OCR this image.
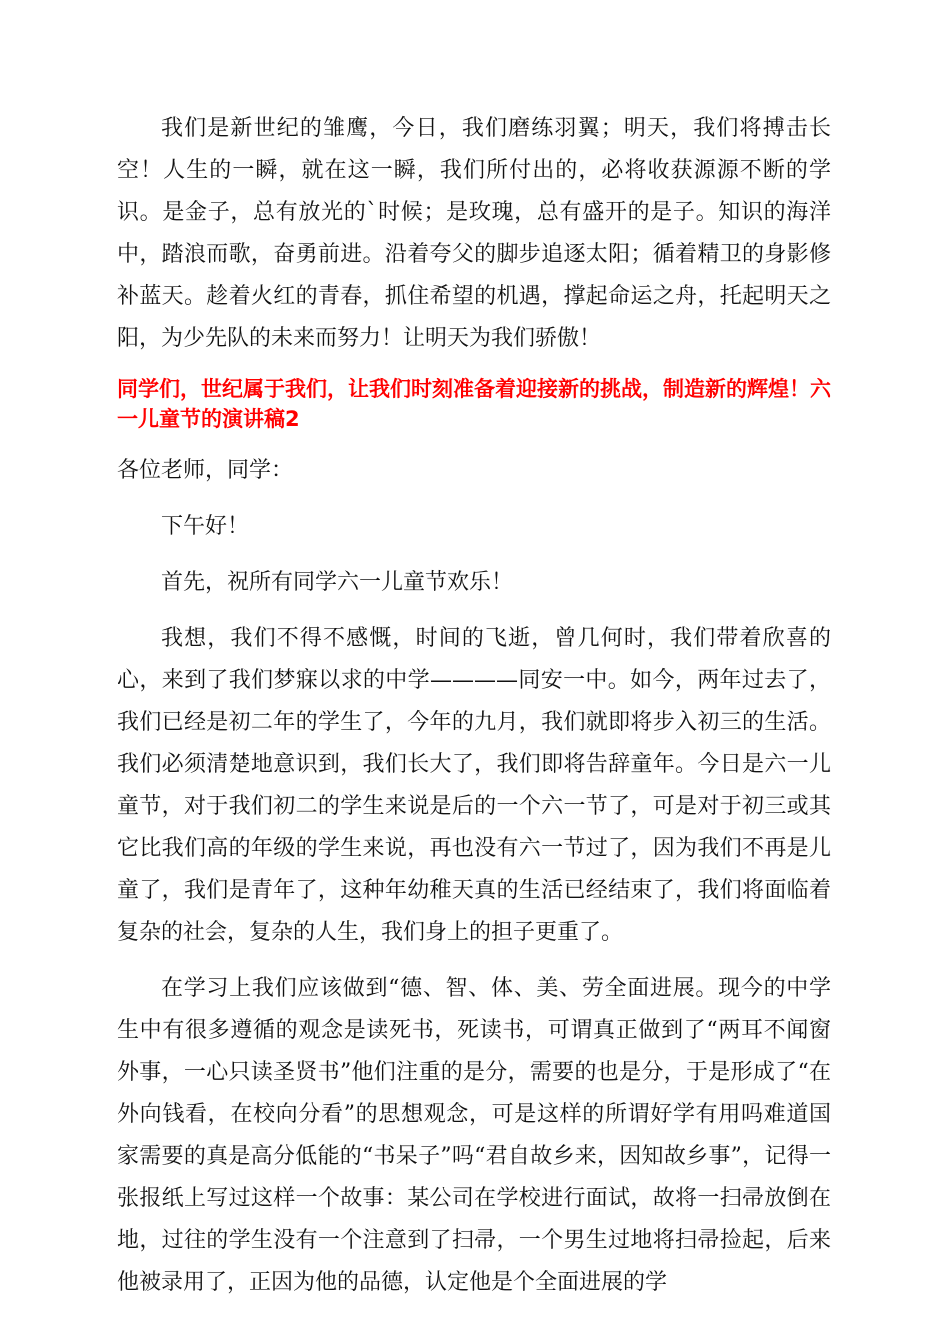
我们是新世纪的雏鹰，今日，我们磨练羽翼；明天，我们将搏击长空！人生的一瞬，就在这一瞬，我们所付出的，必将收获源源不断的学识。是金子，总有放光的`时候；是玫瑰，总有盛开的是子。知识的海洋中，踏浪而歌，奋勇前进。沿着夸父的脚步追逐太阳；循着精卫的身影修补蓝天。趁着火红的青春，抓住希望的机遇，撑起命运之舟，托起明天之阳，为少先队的未来而努力！让明天为我们骄傲！

同学们，世纪属于我们，让我们时刻准备着迎接新的挑战，制造新的辉煌！六一儿童节的演讲稿2

各位老师，同学：

下午好！

首先，祝所有同学六一儿童节欢乐！

我想，我们不得不感慨，时间的飞逝，曾几何时，我们带着欣喜的心，来到了我们梦寐以求的中学————同安一中。如今，两年过去了，我们已经是初二年的学生了，今年的九月，我们就即将步入初三的生活。我们必须清楚地意识到，我们长大了，我们即将告辞童年。今日是六一儿童节，对于我们初二的学生来说是后的一个六一节了，可是对于初三或其它比我们高的年级的学生来说，再也没有六一节过了，因为我们不再是儿童了，我们是青年了，这种年幼稚天真的生活已经结束了，我们将面临着复杂的社会，复杂的人生，我们身上的担子更重了。

在学习上我们应该做到“德、智、体、美、劳全面进展。现今的中学生中有很多遵循的观念是读死书，死读书，可谓真正做到了“两耳不闻窗外事，一心只读圣贤书”他们注重的是分，需要的也是分，于是形成了“在外向钱看，在校向分看”的思想观念，可是这样的所谓好学有用吗难道国家需要的真是高分低能的“书呆子”吗“君自故乡来，因知故乡事”，记得一张报纸上写过这样一个故事：某公司在学校进行面试，故将一扫帚放倒在地，过往的学生没有一个注意到了扫帚，一个男生过地将扫帚捡起，后来他被录用了，正因为他的品德，认定他是个全面进展的学
